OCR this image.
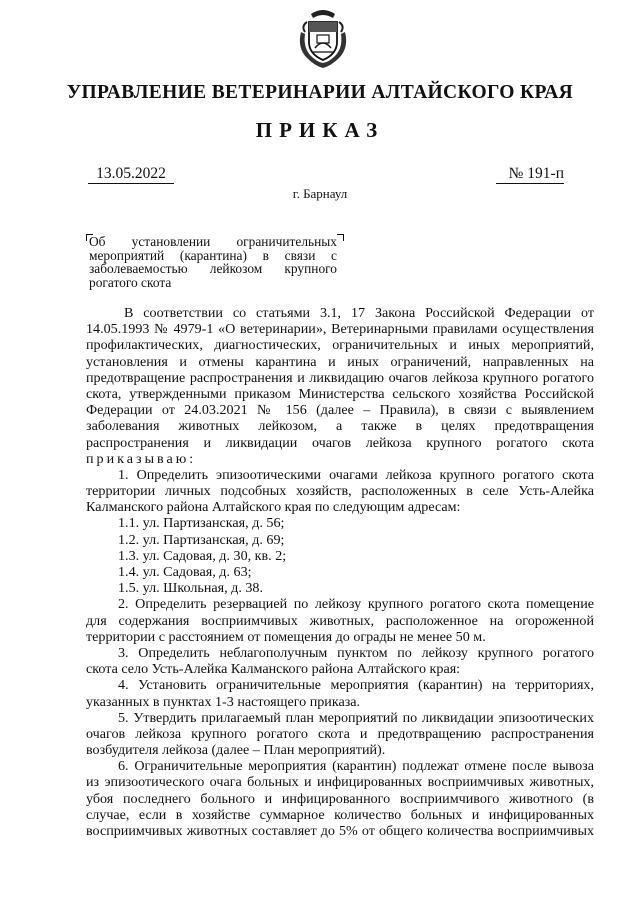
УПРАВЛЕНИЕ ВЕТЕРИНАРИИ АЛТАЙСКОГО КРАЯ
ПРИКАЗ
13.05.2022	№ 191-п
г. Барнаул
Об установлении ограничительных
мероприятий (карантина) в связи с
заболеваемостью лейкозом крупного
рогатого скота
В соответствии со статьями 3.1, 17 Закона Российской Федерации от
14.05.1993 № 4979-1 «О ветеринарии», Ветеринарными правилами осуществления
профилактических, диагностических, ограничительных и иных мероприятий,
установления и отмены карантина и иных ограничений, направленных на
предотвращение распространения и ликвидацию очагов лейкоза крупного рогатого
скота, утвержденными приказом Министерства сельского хозяйства Российской
Федерации от 24.03.2021 № 156 (далее – Правила), в связи с выявлением
заболевания животных лейкозом, а также в целях предотвращения
распространения и ликвидации очагов лейкоза крупного рогатого скота
приказываю:
1. Определить эпизоотическими очагами лейкоза крупного рогатого скота
территории личных подсобных хозяйств, расположенных в селе Усть-Алейка
Калманского района Алтайского края по следующим адресам:
1.1. ул. Партизанская, д. 56;
1.2. ул. Партизанская, д. 69;
1.3. ул. Садовая, д. 30, кв. 2;
1.4. ул. Садовая, д. 63;
1.5. ул. Школьная, д. 38.
2. Определить резервацией по лейкозу крупного рогатого скота помещение
для содержания восприимчивых животных, расположенное на огороженной
территории с расстоянием от помещения до ограды не менее 50 м.
3. Определить неблагополучным пунктом по лейкозу крупного рогатого
скота село Усть-Алейка Калманского района Алтайского края:
4. Установить ограничительные мероприятия (карантин) на территориях,
указанных в пунктах 1-3 настоящего приказа.
5. Утвердить прилагаемый план мероприятий по ликвидации эпизоотических
очагов лейкоза крупного рогатого скота и предотвращению распространения
возбудителя лейкоза (далее – План мероприятий).
6. Ограничительные мероприятия (карантин) подлежат отмене после вывоза
из эпизоотического очага больных и инфицированных восприимчивых животных,
убоя последнего больного и инфицированного восприимчивого животного (в
случае, если в хозяйстве суммарное количество больных и инфицированных
восприимчивых животных составляет до 5% от общего количества восприимчивых
